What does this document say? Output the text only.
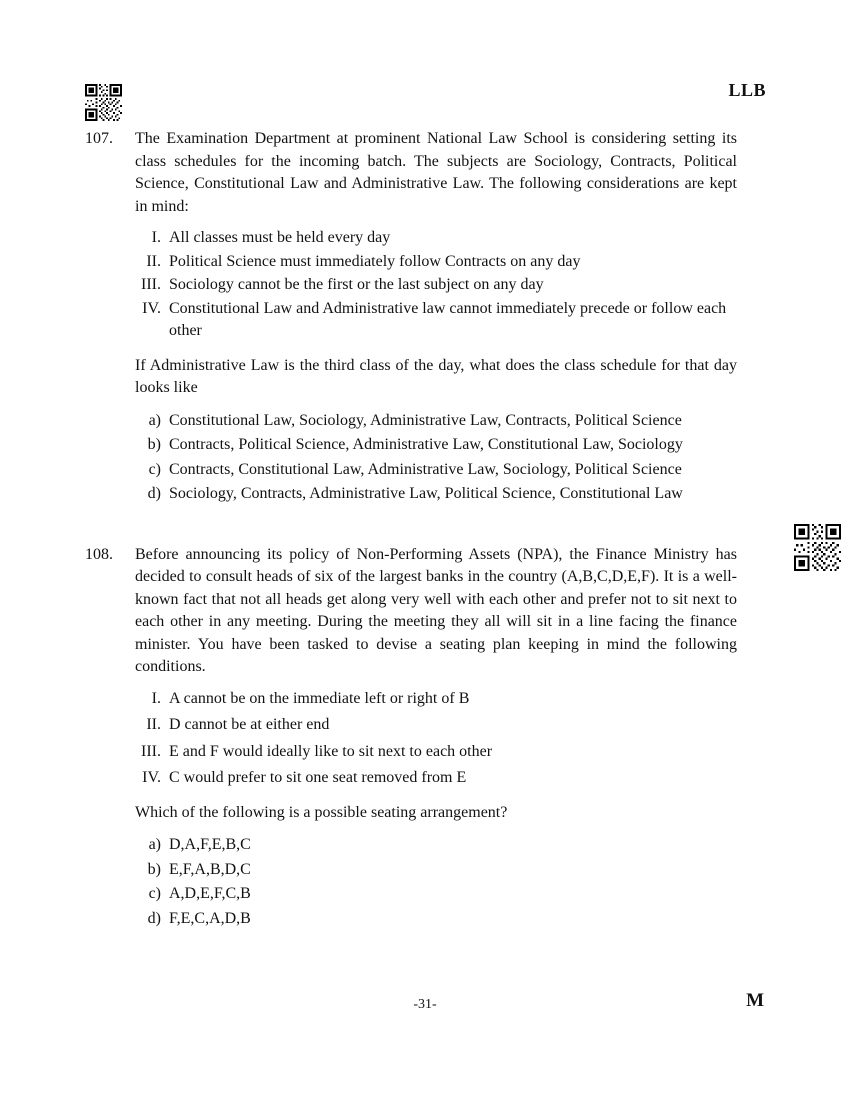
LLB
107.	The Examination Department at prominent National Law School is considering setting its class schedules for the incoming batch. The subjects are Sociology, Contracts, Political Science, Constitutional Law and Administrative Law. The following considerations are kept in mind:

I. All classes must be held every day
II. Political Science must immediately follow Contracts on any day
III. Sociology cannot be the first or the last subject on any day
IV. Constitutional Law and Administrative law cannot immediately precede or follow each other

If Administrative Law is the third class of the day, what does the class schedule for that day looks like

a) Constitutional Law, Sociology, Administrative Law, Contracts, Political Science
b) Contracts, Political Science, Administrative Law, Constitutional Law, Sociology
c) Contracts, Constitutional Law, Administrative Law, Sociology, Political Science
d) Sociology, Contracts, Administrative Law, Political Science, Constitutional Law
108.	Before announcing its policy of Non-Performing Assets (NPA), the Finance Ministry has decided to consult heads of six of the largest banks in the country (A,B,C,D,E,F). It is a well-known fact that not all heads get along very well with each other and prefer not to sit next to each other in any meeting. During the meeting they all will sit in a line facing the finance minister. You have been tasked to devise a seating plan keeping in mind the following conditions.

I. A cannot be on the immediate left or right of B
II. D cannot be at either end
III. E and F would ideally like to sit next to each other
IV. C would prefer to sit one seat removed from E

Which of the following is a possible seating arrangement?

a) D,A,F,E,B,C
b) E,F,A,B,D,C
c) A,D,E,F,C,B
d) F,E,C,A,D,B
-31-	M
